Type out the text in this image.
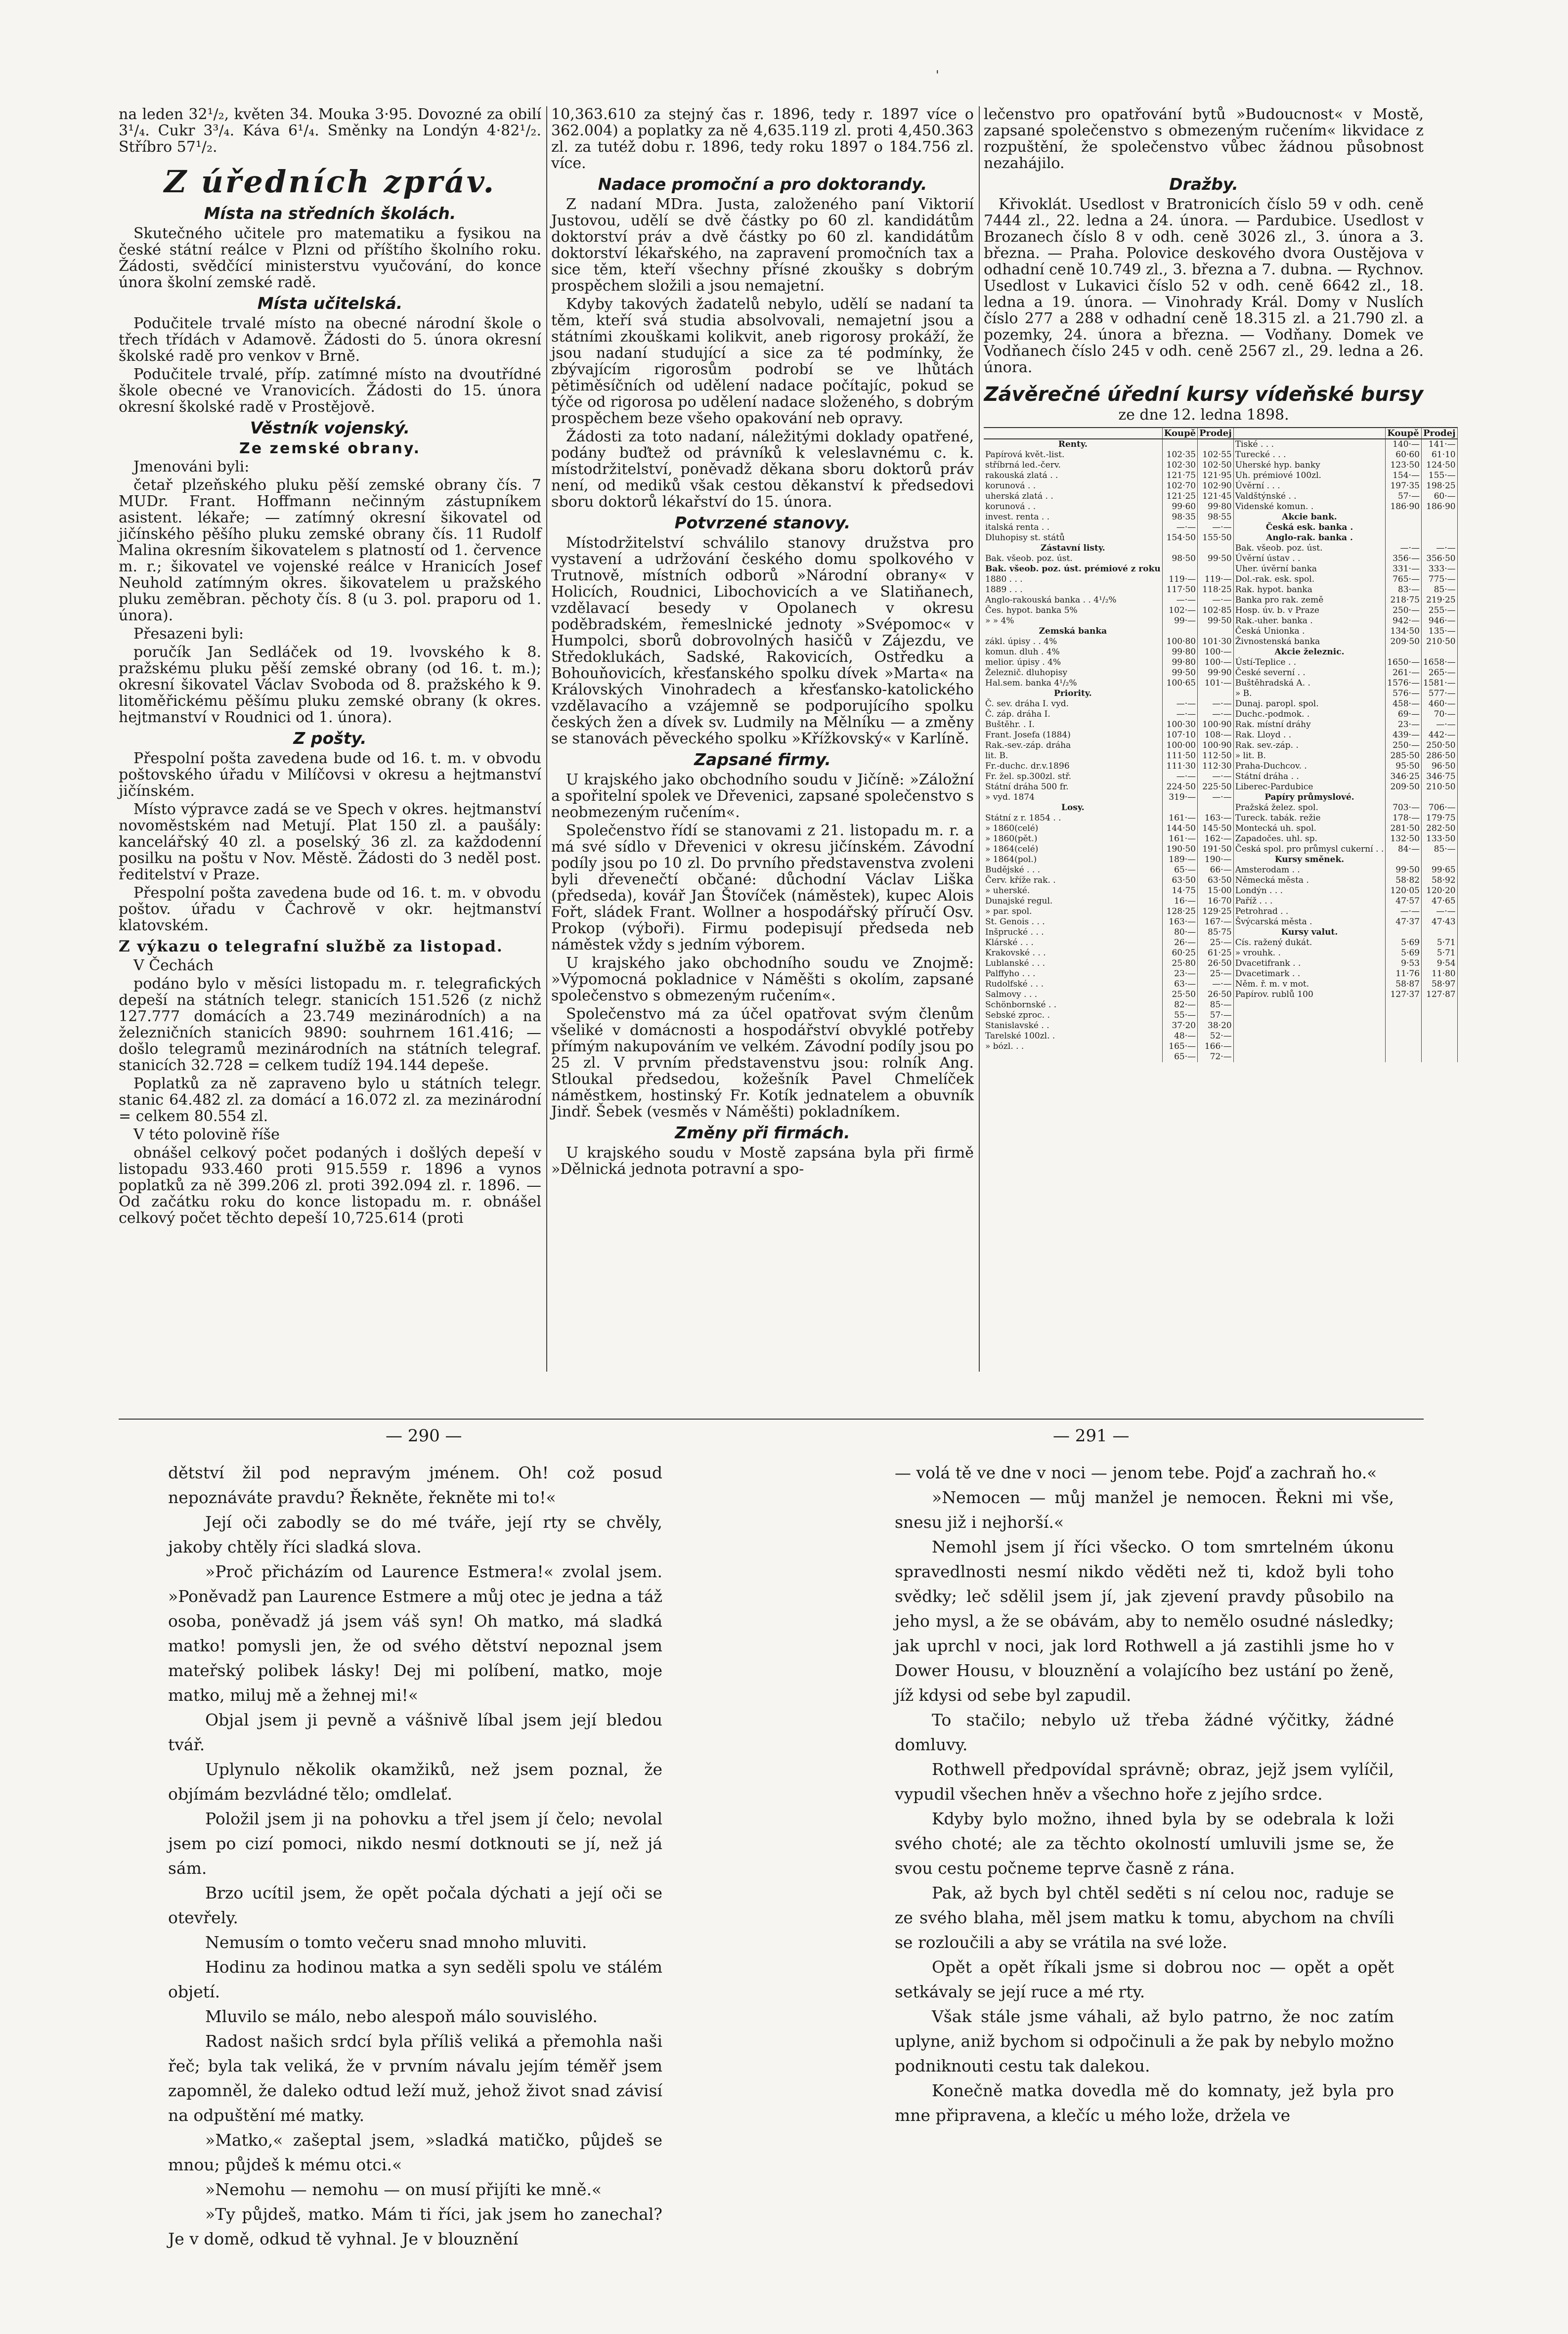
'

na leden 32¹/₂, květen 34. Mouka 3·95. Dovozné za obilí 3¹/₄. Cukr 3³/₄. Káva 6¹/₄. Směnky na Londýn 4·82¹/₂. Stříbro 57¹/₂.

Z úředních zpráv.
Místa na středních školách.

Skutečného učitele pro matematiku a fysikou na české státní reálce v Plzni od příštího školního roku. Žádosti, svědčící ministerstvu vyučování, do konce února školní zemské radě.

Místa učitelská.

Podučitele trvalé místo na obecné národní škole o třech třídách v Adamově. Žádosti do 5. února okresní školské radě pro venkov v Brně.

Podučitele trvalé, příp. zatímné místo na dvoutřídné škole obecné ve Vranovicích. Žádosti do 15. února okresní školské radě v Prostějově.

Věstník vojenský.
Ze zemské obrany.

Jmenováni byli:

četař plzeňského pluku pěší zemské obrany čís. 7 MUDr. Frant. Hoffmann nečinným zástupníkem asistent. lékaře; — zatímný okresní šikovatel od jičínského pěšího pluku zemské obrany čís. 11 Rudolf Malina okresním šikovatelem s platností od 1. července m. r.; šikovatel ve vojenské reálce v Hranicích Josef Neuhold zatímným okres. šikovatelem u pražského pluku zeměbran. pěchoty čís. 8 (u 3. pol. praporu od 1. února).

Přesazeni byli:

poručík Jan Sedláček od 19. lvovského k 8. pražskému pluku pěší zemské obrany (od 16. t. m.); okresní šikovatel Václav Svoboda od 8. pražského k 9. litoměřickému pěšímu pluku zemské obrany (k okres. hejtmanství v Roudnici od 1. února).

Z pošty.

Přespolní pošta zavedena bude od 16. t. m. v obvodu poštovského úřadu v Milíčovsi v okresu a hejtmanství jičínském.

Místo výpravce zadá se ve Spech v okres. hejtmanství novoměstském nad Metují. Plat 150 zl. a paušály: kancelářský 40 zl. a poselský 36 zl. za každodenní posilku na poštu v Nov. Městě. Žádosti do 3 neděl post. ředitelství v Praze.

Přespolní pošta zavedena bude od 16. t. m. v obvodu poštov. úřadu v Čachrově v okr. hejtmanství klatovském.

Z výkazu o telegrafní službě za listopad.

V Čechách

podáno bylo v měsíci listopadu m. r. telegrafických depeší na státních telegr. stanicích 151.526 (z nichž 127.777 domácích a 23.749 mezinárodních) a na železničních stanicích 9890: souhrnem 161.416; — došlo telegramů mezinárodních na státních telegraf. stanicích 32.728 = celkem tudíž 194.144 depeše.

Poplatků za ně zapraveno bylo u státních telegr. stanic 64.482 zl. za domácí a 16.072 zl. za mezinárodní = celkem 80.554 zl.

V této polovině říše

obnášel celkový počet podaných i došlých depeší v listopadu 933.460 proti 915.559 r. 1896 a vynos poplatků za ně 399.206 zl. proti 392.094 zl. r. 1896. — Od začátku roku do konce listopadu m. r. obnášel celkový počet těchto depeší 10,725.614 (proti

10,363.610 za stejný čas r. 1896, tedy r. 1897 více o 362.004) a poplatky za ně 4,635.119 zl. proti 4,450.363 zl. za tutéž dobu r. 1896, tedy roku 1897 o 184.756 zl. více.

Nadace promoční a pro doktorandy.

Z nadaní MDra. Justa, založeného paní Viktorií Justovou, udělí se dvě částky po 60 zl. kandidátům doktorství práv a dvě částky po 60 zl. kandidátům doktorství lékařského, na zapravení promočních tax a sice těm, kteří všechny přísné zkoušky s dobrým prospěchem složili a jsou nemajetní.

Kdyby takových žadatelů nebylo, udělí se nadaní ta těm, kteří svá studia absolvovali, nemajetní jsou a státními zkouškami kolikvit, aneb rigorosy prokáží, že jsou nadaní studující a sice za té podmínky, že zbývajícím rigorosům podrobí se ve lhůtách pětiměsíčních od udělení nadace počítajíc, pokud se týče od rigorosa po udělení nadace složeného, s dobrým prospěchem beze všeho opakování neb opravy.

Žádosti za toto nadaní, náležitými doklady opatřené, podány buďtež od právníků k veleslavnému c. k. místodržitelství, poněvadž děkana sboru doktorů práv není, od mediků však cestou děkanství k předsedovi sboru doktorů lékařství do 15. února.

Potvrzené stanovy.

Místodržitelství schválilo stanovy družstva pro vystavení a udržování českého domu spolkového v Trutnově, místních odborů »Národní obrany« v Holicích, Roudnici, Libochovicích a ve Slatiňanech, vzdělavací besedy v Opolanech v okresu poděbradském, řemeslnické jednoty »Svépomoc« v Humpolci, sborů dobrovolných hasičů v Zájezdu, ve Středoklukách, Sadské, Rakovicích, Ostředku a Bohouňovicích, křesťanského spolku dívek »Marta« na Královských Vinohradech a křesťansko-katolického vzdělavacího a vzájemně se podporujícího spolku českých žen a dívek sv. Ludmily na Mělníku — a změny se stanovách pěveckého spolku »Křížkovský« v Karlíně.

Zapsané firmy.

U krajského jako obchodního soudu v Jičíně: »Záložní a spořitelní spolek ve Dřevenici, zapsané společenstvo s neobmezeným ručením«.

Společenstvo řídí se stanovami z 21. listopadu m. r. a má své sídlo v Dřevenici v okresu jičínském. Závodní podíly jsou po 10 zl. Do prvního představenstva zvoleni byli dřevenečtí občané: důchodní Václav Liška (předseda), kovář Jan Štovíček (náměstek), kupec Alois Fořt, sládek Frant. Wollner a hospodářský příručí Osv. Prokop (výboři). Firmu podepisují předseda neb náměstek vždy s jedním výborem.

U krajského jako obchodního soudu ve Znojmě: »Výpomocná pokladnice v Náměšti s okolím, zapsané společenstvo s obmezeným ručením«.

Společenstvo má za účel opatřovat svým členům všeliké v domácnosti a hospodářství obvyklé potřeby přímým nakupováním ve velkém. Závodní podíly jsou po 25 zl. V prvním představenstvu jsou: rolník Ang. Stloukal předsedou, kožešník Pavel Chmelíček náměstkem, hostinský Fr. Kotík jednatelem a obuvník Jindř. Šebek (vesměs v Náměšti) pokladníkem.

Změny při firmách.

U krajského soudu v Mostě zapsána byla při firmě »Dělnická jednota potravní a spo-

lečenstvo pro opatřování bytů »Budoucnost« v Mostě, zapsané společenstvo s obmezeným ručením« likvidace z rozpuštění, že společenstvo vůbec žádnou působnost nezahájilo.

Dražby.

Křivoklát. Usedlost v Bratronicích číslo 59 v odh. ceně 7444 zl., 22. ledna a 24. února. — Pardubice. Usedlost v Brozanech číslo 8 v odh. ceně 3026 zl., 3. února a 3. března. — Praha. Polovice deskového dvora Oustějova v odhadní ceně 10.749 zl., 3. března a 7. dubna. — Rychnov. Usedlost v Lukavici číslo 52 v odh. ceně 6642 zl., 18. ledna a 19. února. — Vinohrady Král. Domy v Nuslích číslo 277 a 288 v odhadní ceně 18.315 zl. a 21.790 zl. a pozemky, 24. února a března. — Vodňany. Domek ve Vodňanech číslo 245 v odh. ceně 2567 zl., 29. ledna a 26. února.

Závěrečné úřední kursy vídeňské bursy
ze dne 12. ledna 1898.
	Koupě	Prodej		Koupě	Prodej
Renty.			Tiské . . .	140·—	141·—
Papírová květ.-list.	102·35	102·55	Turecké . . .	60·60	61·10
stříbrná led.-červ.	102·30	102·50	Uherské hyp. banky	123·50	124·50
rakouská zlatá . .	121·75	121·95	Uh. prémiové 100zl.	154·—	155·—
korunová . .	102·70	102·90	Úvěrní . . .	197·35	198·25
uherská zlatá . .	121·25	121·45	Valdštýnské . .	57·—	60·—
korunová . .	99·60	99·80	Videnské komun. .	186·90	186·90
invest. renta . .	98·35	98·55	Akcie bank.		
italská renta . .	—·—	—·—	Česká esk. banka .		
Dluhopisy st. států	154·50	155·50	Anglo-rak. banka .		
Zástavní listy.			Bak. všeob. poz. úst.	—·—	—·—
Bak. všeob. poz. úst.	98·50	99·50	Úvěrní ústav . .	356·—	356·50
Bak. všeob. poz. úst. prémiové z roku			Uher. úvěrní banka	331·—	333·—
1880 . . .	119·—	119·—	Dol.-rak. esk. spol.	765·—	775·—
1889 . . .	117·50	118·25	Rak. hypot. banka	83·—	85·—
Anglo-rakouská banka . . 4¹/₂%	—·—	—·—	Banka pro rak. země	218·75	219·25
Čes. hypot. banka 5%	102·—	102·85	Hosp. úv. b. v Praze	250·—	255·—
» » 4%	99·—	99·50	Rak.-uher. banka .	942·—	946·—
Zemská banka			Česká Unionka .	134·50	135·—
zákl. úpisy . . 4%	100·80	101·30	Živnostenská banka	209·50	210·50
komun. dluh . 4%	99·80	100·—	Akcie železnic.		
melior. úpisy . 4%	99·80	100·—	Ústí-Teplice . .	1650·—	1658·—
Železnič. dluhopisy	99·50	99·90	České severní . .	261·—	265·—
Hal.sem. banka 4¹/₂%	100·65	101·—	Buštěhradská A. .	1576·—	1581·—
Priority.			» B.	576·—	577·—
Č. sev. dráha I. vyd.	—·—	—·—	Dunaj. paropl. spol.	458·—	460·—
Č. záp. dráha I.	—·—	—·—	Duchc.-podmok. .	69·—	70·—
Buštěhr. . I.	100·30	100·90	Rak. místní dráhy	23·—	—·—
Frant. Josefa (1884)	107·10	108·—	Rak. Lloyd . .	439·—	442·—
Rak.-sev.-záp. dráha	100·00	100·90	Rak. sev.-záp. .	250·—	250·50
lit. B.	111·50	112·50	» lit. B.	285·50	286·50
Fr.-duchc. dr.v.1896	111·30	112·30	Praha-Duchcov. .	95·50	96·50
Fr. žel. sp.300zl. stř.	—·—	—·—	Státní dráha . .	346·25	346·75
Státní dráha 500 fr.	224·50	225·50	Liberec-Pardubice	209·50	210·50
» vyd. 1874	319·—	—·—	Papíry průmyslové.		
Losy.			Pražská želez. spol.	703·—	706·—
Státní z r. 1854 . .	161·—	163·—	Tureck. tabák. režie	178·—	179·75
» 1860(celé)	144·50	145·50	Montecká uh. spol.	281·50	282·50
» 1860(pět.)	161·—	162·—	Zapadočes. uhl. sp.	132·50	133·50
» 1864(celé)	190·50	191·50	Česká spol. pro průmysl cukerní . .	84·—	85·—
» 1864(pol.)	189·—	190·—	Kursy směnek.		
Budějské . . .	65·—	66·—	Amsterodam . .	99·50	99·65
Červ. kříže rak. .	63·50	63·50	Německá města .	58·82	58·92
» uherské.	14·75	15·00	Londýn . . .	120·05	120·20
Dunajské regul.	16·—	16·70	Paříž . . .	47·57	47·65
» par. spol.	128·25	129·25	Petrohrad . .	—·—	—·—
St. Genois . . .	163·—	167·—	Švýcarská města .	47·37	47·43
Inšprucké . . .	80·—	85·75	Kursy valut.		
Klárské . . .	26·—	25·—	Cís. ražený dukát.	5·69	5·71
Krakovské . . .	60·25	61·25	» vrouhk. .	5·69	5·71
Lublanské . . .	25·80	26·50	Dvacetifrank . .	9·53	9·54
Palffyho . . .	23·—	25·—	Dvacetimark . .	11·76	11·80
Rudolfské . . .	63·—	—·—	Něm. ř. m. v mot.	58·87	58·97
Salmovy . . .	25·50	26·50	Papírov. rublů 100	127·37	127·87
Schönbornské . .	82·—	85·—			
Sebské zproc. .	55·—	57·—			
Stanislavské . .	37·20	38·20			
Tarelské 100zl. .	48·—	52·—			
» bózl. . .	165·—	166·—			
	65·—	72·—			
— 290 —	— 291 —

dětství žil pod nepravým jménem. Oh! což posud nepoznáváte pravdu? Řekněte, řekněte mi to!«

Její oči zabodly se do mé tváře, její rty se chvěly, jakoby chtěly říci sladká slova.

»Proč přicházím od Laurence Estmera!« zvolal jsem. »Poněvadž pan Laurence Estmere a můj otec je jedna a táž osoba, poněvadž já jsem váš syn! Oh matko, má sladká matko! pomysli jen, že od svého dětství nepoznal jsem mateřský polibek lásky! Dej mi políbení, matko, moje matko, miluj mě a žehnej mi!«

Objal jsem ji pevně a vášnivě líbal jsem její bledou tvář.

Uplynulo několik okamžiků, než jsem poznal, že objímám bezvládné tělo; omdlelať.

Položil jsem ji na pohovku a třel jsem jí čelo; nevolal jsem po cizí pomoci, nikdo nesmí dotknouti se jí, než já sám.

Brzo ucítil jsem, že opět počala dýchati a její oči se otevřely.

Nemusím o tomto večeru snad mnoho mluviti.

Hodinu za hodinou matka a syn seděli spolu ve stálém objetí.

Mluvilo se málo, nebo alespoň málo souvislého.

Radost našich srdcí byla příliš veliká a přemohla naši řeč; byla tak veliká, že v prvním návalu jejím téměř jsem zapomněl, že daleko odtud leží muž, jehož život snad závisí na odpuštění mé matky.

»Matko,« zašeptal jsem, »sladká matičko, půjdeš se mnou; půjdeš k mému otci.«

»Nemohu — nemohu — on musí přijíti ke mně.«

»Ty půjdeš, matko. Mám ti říci, jak jsem ho zanechal? Je v domě, odkud tě vyhnal. Je v blouznění

— volá tě ve dne v noci — jenom tebe. Pojď a zachraň ho.«

»Nemocen — můj manžel je nemocen. Řekni mi vše, snesu již i nejhorší.«

Nemohl jsem jí říci všecko. O tom smrtelném úkonu spravedlnosti nesmí nikdo věděti než ti, kdož byli toho svědky; leč sdělil jsem jí, jak zjevení pravdy působilo na jeho mysl, a že se obávám, aby to nemělo osudné následky; jak uprchl v noci, jak lord Rothwell a já zastihli jsme ho v Dower Housu, v blouznění a volajícího bez ustání po ženě, jíž kdysi od sebe byl zapudil.

To stačilo; nebylo už třeba žádné výčitky, žádné domluvy.

Rothwell předpovídal správně; obraz, jejž jsem vylíčil, vypudil všechen hněv a všechno hoře z jejího srdce.

Kdyby bylo možno, ihned byla by se odebrala k loži svého choté; ale za těchto okolností umluvili jsme se, že svou cestu počneme teprve časně z rána.

Pak, až bych byl chtěl seděti s ní celou noc, raduje se ze svého blaha, měl jsem matku k tomu, abychom na chvíli se rozloučili a aby se vrátila na své lože.

Opět a opět říkali jsme si dobrou noc — opět a opět setkávaly se její ruce a mé rty.

Však stále jsme váhali, až bylo patrno, že noc zatím uplyne, aniž bychom si odpočinuli a že pak by nebylo možno podniknouti cestu tak dalekou.

Konečně matka dovedla mě do komnaty, jež byla pro mne připravena, a klečíc u mého lože, držela ve
